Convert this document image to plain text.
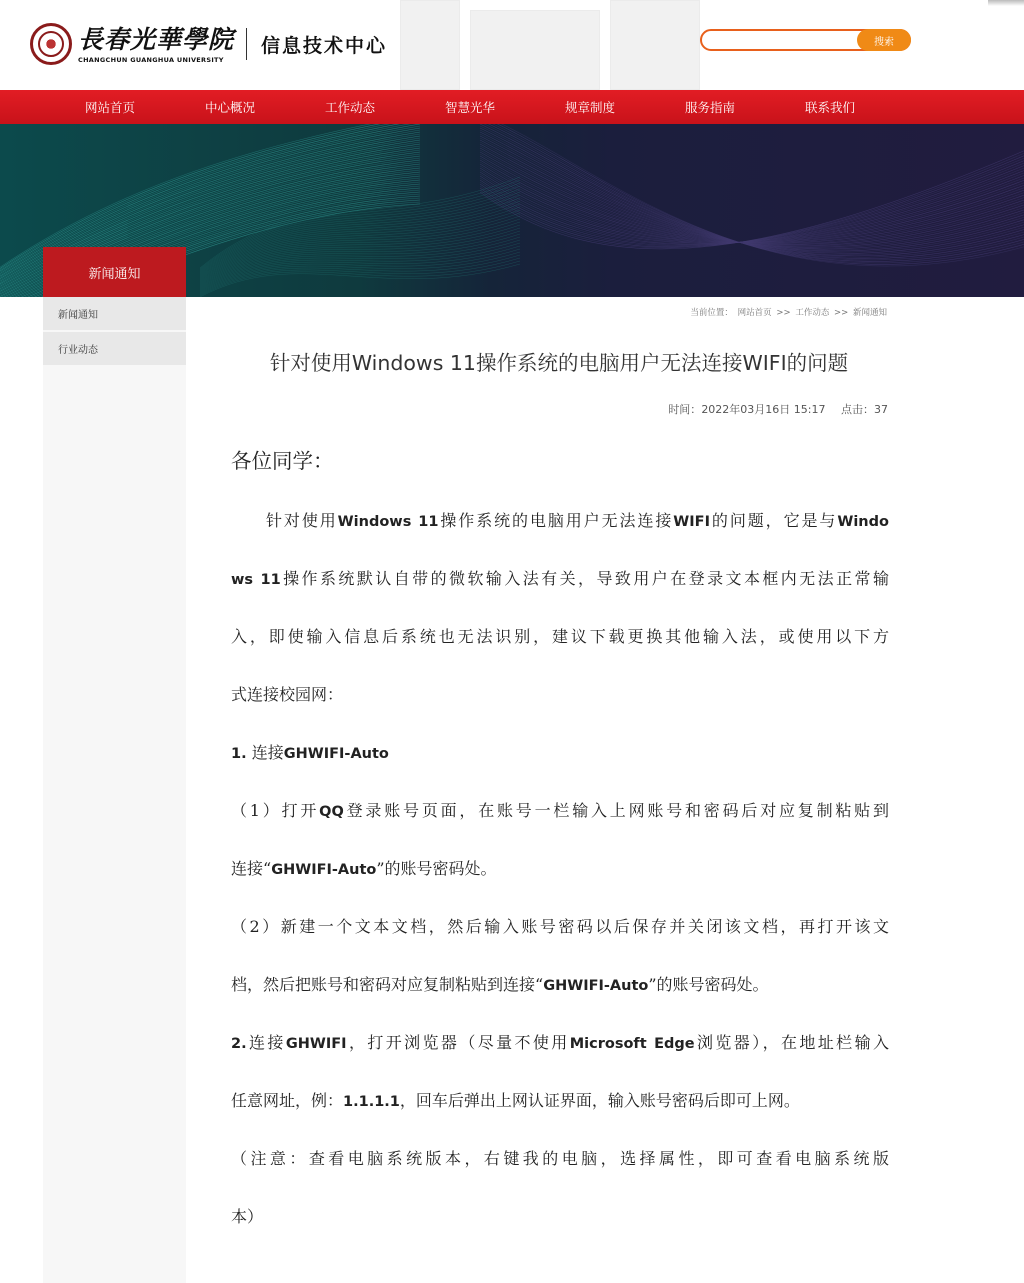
長春光華學院
CHANGCHUN GUANGHUA UNIVERSITY
信息技术中心	搜索
网站首页	中心概况	工作动态	智慧光华	规章制度	服务指南	联系我们
新闻通知
新闻通知
行业动态
当前位置： 网站首页 >> 工作动态 >> 新闻通知
针对使用Windows 11操作系统的电脑用户无法连接WIFI的问题
时间：2022年03月16日 15:17 点击：37
各位同学：
针对使用Windows 11操作系统的电脑用户无法连接WIFI的问题，它是与Windo
ws 11操作系统默认自带的微软输入法有关，导致用户在登录文本框内无法正常输
入，即使输入信息后系统也无法识别，建议下载更换其他输入法，或使用以下方
式连接校园网：
1. 连接GHWIFI-Auto
（1）打开QQ登录账号页面，在账号一栏输入上网账号和密码后对应复制粘贴到
连接“GHWIFI-Auto”的账号密码处。
（2）新建一个文本文档，然后输入账号密码以后保存并关闭该文档，再打开该文
档，然后把账号和密码对应复制粘贴到连接“GHWIFI-Auto”的账号密码处。
2.连接GHWIFI，打开浏览器（尽量不使用Microsoft Edge浏览器），在地址栏输入
任意网址，例：1.1.1.1，回车后弹出上网认证界面，输入账号密码后即可上网。
（注意：查看电脑系统版本，右键我的电脑，选择属性，即可查看电脑系统版
本）
